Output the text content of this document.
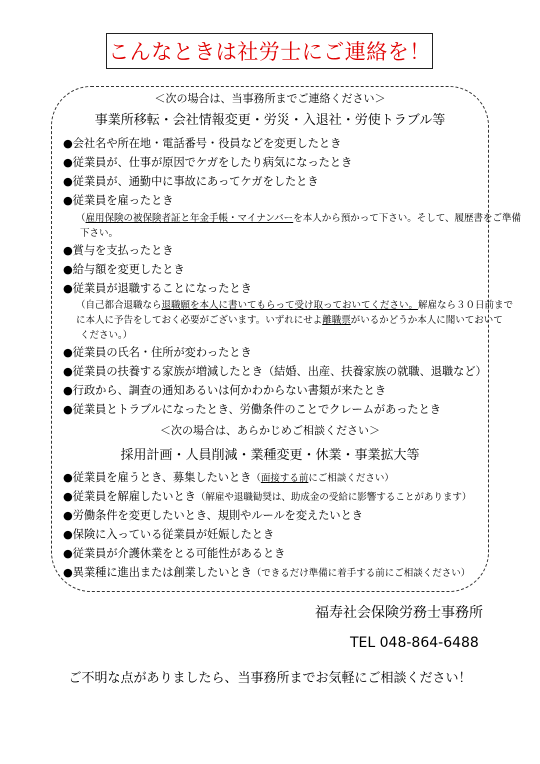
こんなときは社労士にご連絡を！
＜次の場合は、当事務所までご連絡ください＞
事業所移転・会社情報変更・労災・入退社・労使トラブル等
●会社名や所在地・電話番号・役員などを変更したとき
●従業員が、仕事が原因でケガをしたり病気になったとき
●従業員が、通勤中に事故にあってケガをしたとき
●従業員を雇ったとき
（雇用保険の被保険者証と年金手帳・マイナンバーを本人から預かって下さい。そして、履歴書をご準備
下さい。
●賞与を支払ったとき
●給与額を変更したとき
●従業員が退職することになったとき
（自己都合退職なら退職願を本人に書いてもらって受け取っておいてください。解雇なら３０日前まで
に本人に予告をしておく必要がございます。いずれにせよ離職票がいるかどうか本人に聞いておいて
ください。）
●従業員の氏名・住所が変わったとき
●従業員の扶養する家族が増減したとき（結婚、出産、扶養家族の就職、退職など）
●行政から、調査の通知あるいは何かわからない書類が来たとき
●従業員とトラブルになったとき、労働条件のことでクレームがあったとき
＜次の場合は、あらかじめご相談ください＞
採用計画・人員削減・業種変更・休業・事業拡大等
●従業員を雇うとき、募集したいとき（面接する前にご相談ください）
●従業員を解雇したいとき（解雇や退職勧奨は、助成金の受給に影響することがあります）
●労働条件を変更したいとき、規則やルールを変えたいとき
●保険に入っている従業員が妊娠したとき
●従業員が介護休業をとる可能性があるとき
●異業種に進出または創業したいとき（できるだけ準備に着手する前にご相談ください）
福寿社会保険労務士事務所
TEL 048-864-6488
ご不明な点がありましたら、当事務所までお気軽にご相談ください！
